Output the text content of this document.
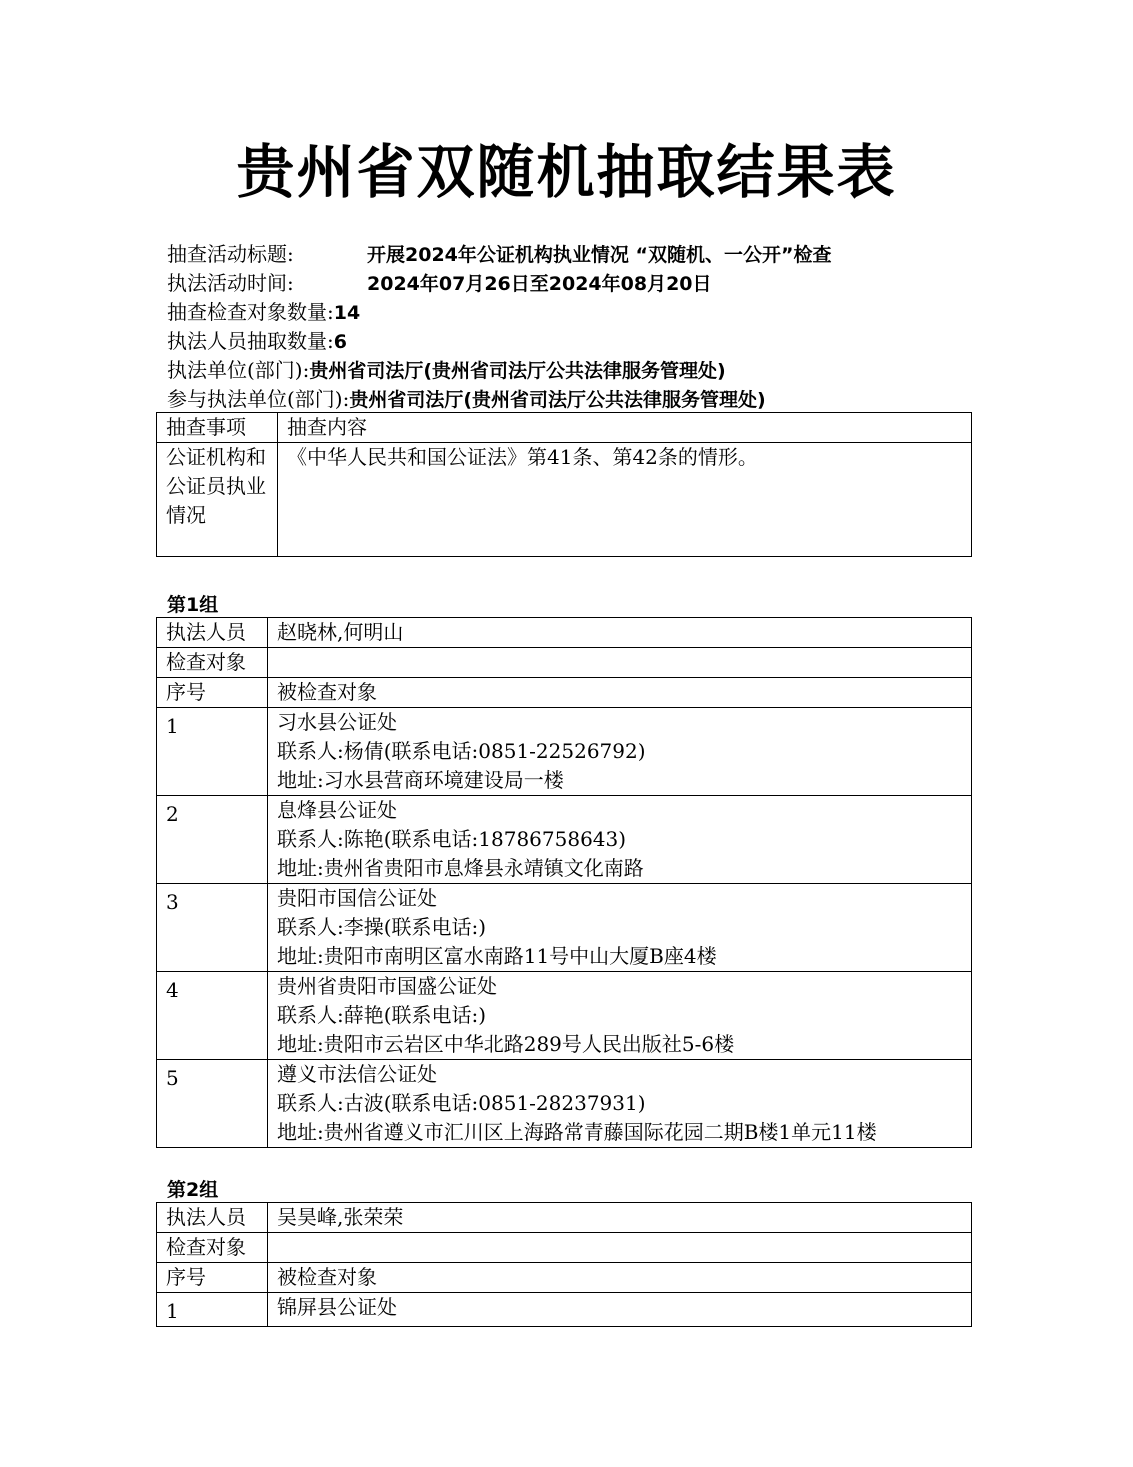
贵州省双随机抽取结果表
抽查活动标题:	开展2024年公证机构执业情况 “双随机、一公开”检查
执法活动时间:	2024年07月26日至2024年08月20日
抽查检查对象数量:14
执法人员抽取数量:6
执法单位(部门):贵州省司法厅(贵州省司法厅公共法律服务管理处)
参与执法单位(部门):贵州省司法厅(贵州省司法厅公共法律服务管理处)
抽查事项	抽查内容
公证机构和公证员执业情况	《中华人民共和国公证法》第41条、第42条的情形。
第1组
执法人员	赵晓林,何明山
检查对象	
序号	被检查对象
1	习水县公证处
联系人:杨倩(联系电话:0851-22526792)
地址:习水县营商环境建设局一楼

2	息烽县公证处
联系人:陈艳(联系电话:18786758643)
地址:贵州省贵阳市息烽县永靖镇文化南路

3	贵阳市国信公证处
联系人:李操(联系电话:)
地址:贵阳市南明区富水南路11号中山大厦B座4楼

4	贵州省贵阳市国盛公证处
联系人:薛艳(联系电话:)
地址:贵阳市云岩区中华北路289号人民出版社5-6楼

5	遵义市法信公证处
联系人:古波(联系电话:0851-28237931)
地址:贵州省遵义市汇川区上海路常青藤国际花园二期B楼1单元11楼
第2组
执法人员	吴昊峰,张荣荣
检查对象	
序号	被检查对象
1	锦屏县公证处
